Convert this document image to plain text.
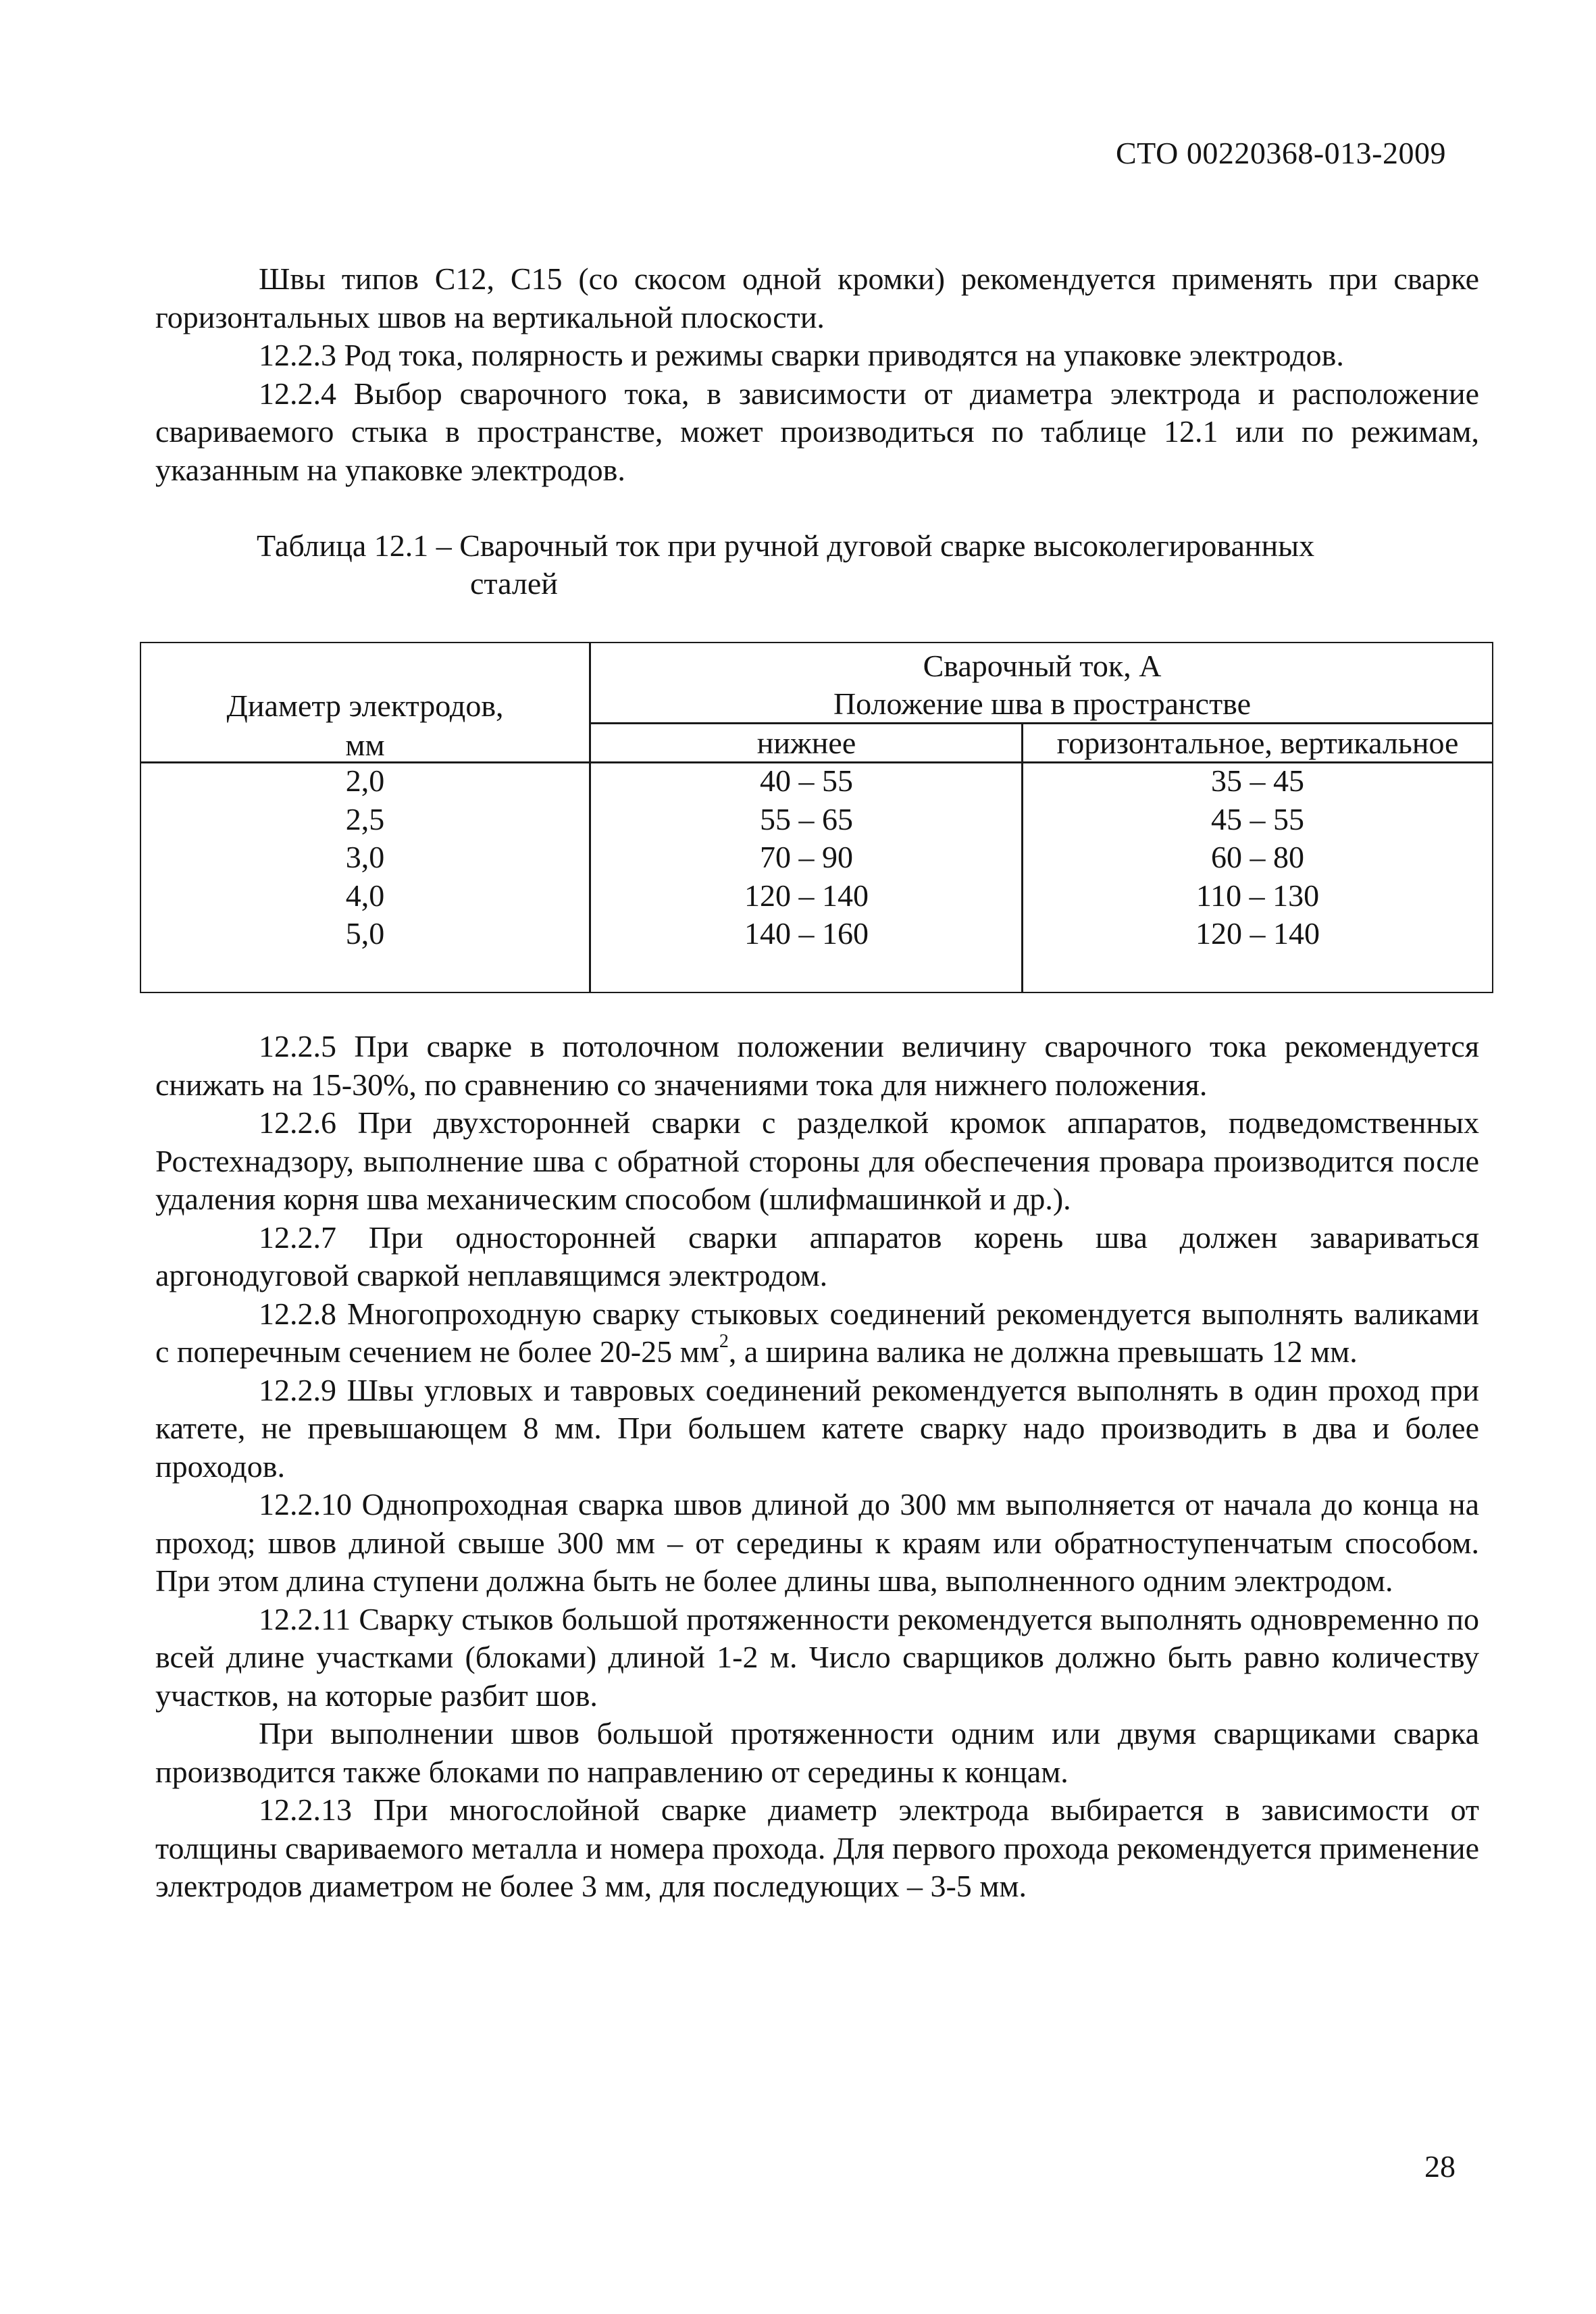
СТО 00220368-013-2009

Швы типов С12, С15 (со скосом одной кромки) рекомендуется применять при сварке горизонтальных швов на вертикальной плоскости.

12.2.3 Род тока, полярность и режимы сварки приводятся на упаковке электродов.

12.2.4 Выбор сварочного тока, в зависимости от диаметра электрода и расположение свариваемого стыка в пространстве, может производиться по таблице 12.1 или по режимам, указанным на упаковке электродов.

Таблица 12.1 – Сварочный ток при ручной дуговой сварке высоколегированных
сталей
Диаметр электродов,
мм
Сварочный ток, А
Положение шва в пространстве
нижнее	горизонтальное, вертикальное
2,0
2,5
3,0
4,0
5,0
40 – 55
55 – 65
70 – 90
120 – 140
140 – 160
35 – 45
45 – 55
60 – 80
110 – 130
120 – 140

12.2.5 При сварке в потолочном положении величину сварочного тока рекомендуется снижать на 15-30%, по сравнению со значениями тока для нижнего положения.

12.2.6 При двухсторонней сварки с разделкой кромок аппаратов, подведомственных Ростехнадзору, выполнение шва с обратной стороны для обеспечения провара производится после удаления корня шва механическим способом (шлифмашинкой и др.).

12.2.7 При односторонней сварки аппаратов корень шва должен завариваться аргонодуговой сваркой неплавящимся электродом.

12.2.8 Многопроходную сварку стыковых соединений рекомендуется выполнять валиками с поперечным сечением не более 20-25 $мм^2$, а ширина валика не должна превышать 12 мм.

12.2.9 Швы угловых и тавровых соединений рекомендуется выполнять в один проход при катете, не превышающем 8 мм. При большем катете сварку надо производить в два и более проходов.

12.2.10 Однопроходная сварка швов длиной до 300 мм выполняется от начала до конца на проход; швов длиной свыше 300 мм – от середины к краям или обратноступенчатым способом. При этом длина ступени должна быть не более длины шва, выполненного одним электродом.

12.2.11 Сварку стыков большой протяженности рекомендуется выполнять одновременно по всей длине участками (блоками) длиной 1-2 м. Число сварщиков должно быть равно количеству участков, на которые разбит шов.

При выполнении швов большой протяженности одним или двумя сварщиками сварка производится также блоками по направлению от середины к концам.

12.2.13 При многослойной сварке диаметр электрода выбирается в зависимости от толщины свариваемого металла и номера прохода. Для первого прохода рекомендуется применение электродов диаметром не более 3 мм, для последующих – 3-5 мм.

28
